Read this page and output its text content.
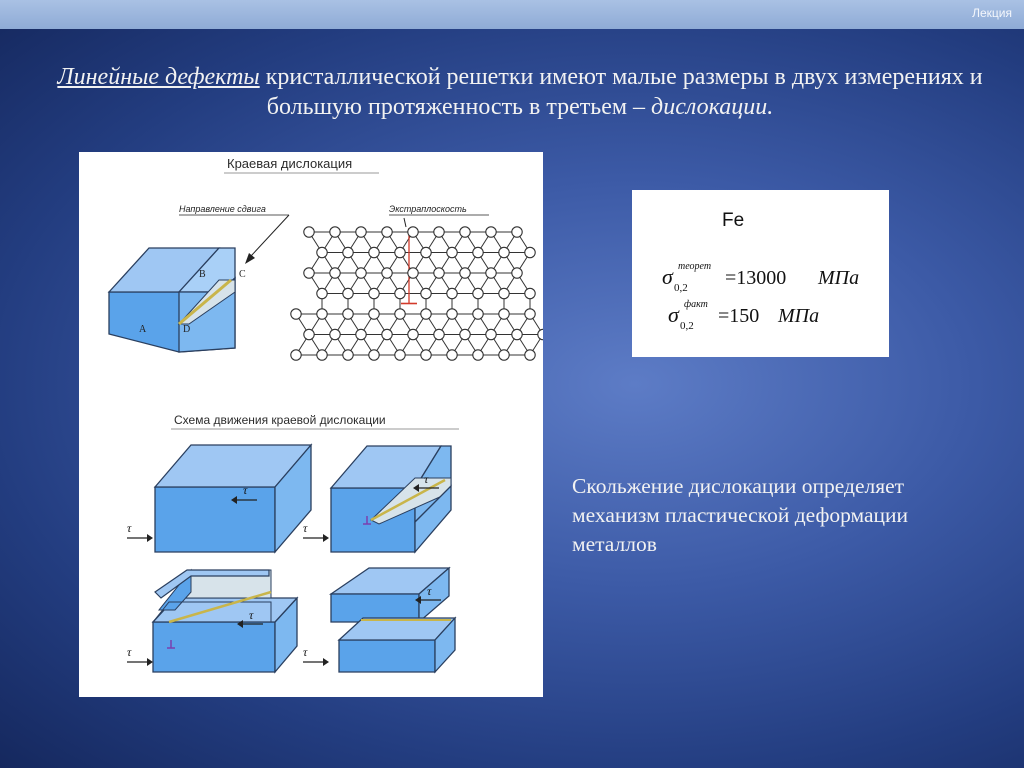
Лекция
Линейные дефекты кристаллической решетки имеют малые размеры в двух измерениях и большую протяженность в третьем – дислокации.
Краевая дислокация
A
B	C
D
Направление сдвига	Экстраплоскость
Схема движения краевой дислокации
τ
τ
τ
τ
τ
τ
τ
τ
Fe
σ 0,2
теорет
=13000 МПа
σ 0,2
факт
=150 МПа
Скольжение дислокации определяет механизм пластической деформации металлов
